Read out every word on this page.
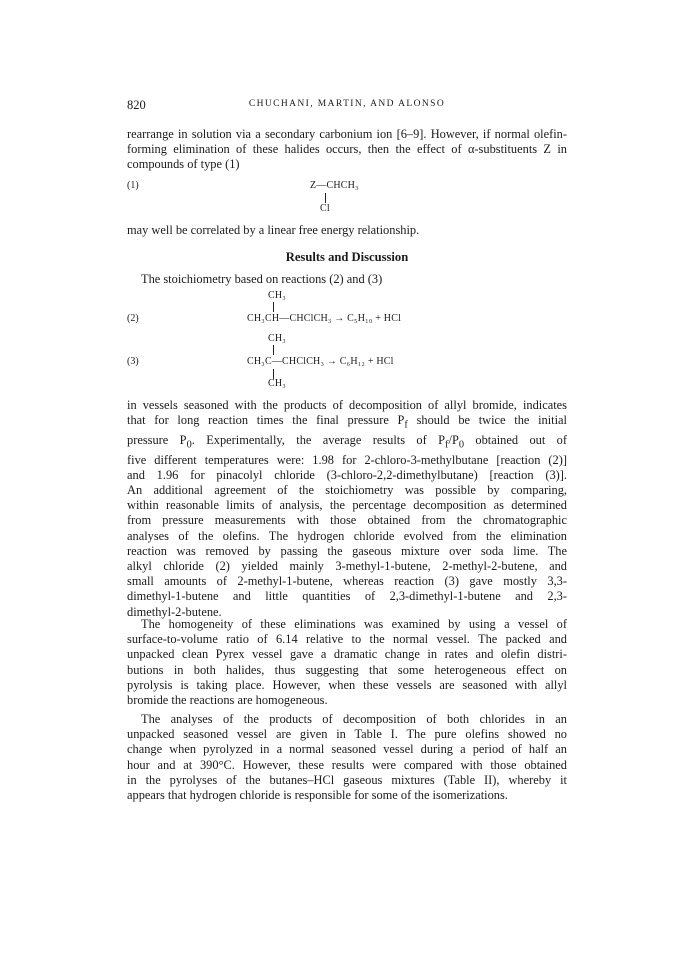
820	CHUCHANI, MARTIN, AND ALONSO

rearrange in solution via a secondary carbonium ion [6–9]. However, if normal olefin-forming elimination of these halides occurs, then the effect of α-substituents Z in compounds of type (1)

(1)	Z—CHCH₃
Cl

may well be correlated by a linear free energy relationship.

Results and Discussion

The stoichiometry based on reactions (2) and (3)

CH₃
(2)	CH₃CH—CHClCH₃ → C₅H₁₀ + HCl
CH₃
(3)	CH₃C—CHClCH₃ → C₆H₁₂ + HCl
CH₃
in vessels seasoned with the products of decomposition of allyl bromide, indicates
that for long reaction times the final pressure $P_f$ should be twice the initial
pressure $P_0$. Experimentally, the average results of $P_f/P_0$ obtained out of
five different temperatures were: 1.98 for 2-chloro-3-methylbutane [reaction (2)]
and 1.96 for pinacolyl chloride (3-chloro-2,2-dimethylbutane) [reaction (3)].
An additional agreement of the stoichiometry was possible by comparing,
within reasonable limits of analysis, the percentage decomposition as determined
from pressure measurements with those obtained from the chromatographic
analyses of the olefins. The hydrogen chloride evolved from the elimination
reaction was removed by passing the gaseous mixture over soda lime. The
alkyl chloride (2) yielded mainly 3-methyl-1-butene, 2-methyl-2-butene, and
small amounts of 2-methyl-1-butene, whereas reaction (3) gave mostly 3,3-
dimethyl-1-butene and little quantities of 2,3-dimethyl-1-butene and 2,3-
dimethyl-2-butene.
The homogeneity of these eliminations was examined by using a vessel of
surface-to-volume ratio of 6.14 relative to the normal vessel. The packed and
unpacked clean Pyrex vessel gave a dramatic change in rates and olefin distri-
butions in both halides, thus suggesting that some heterogeneous effect on
pyrolysis is taking place. However, when these vessels are seasoned with allyl
bromide the reactions are homogeneous.
The analyses of the products of decomposition of both chlorides in an
unpacked seasoned vessel are given in Table I. The pure olefins showed no
change when pyrolyzed in a normal seasoned vessel during a period of half an
hour and at 390°C. However, these results were compared with those obtained
in the pyrolyses of the butanes–HCl gaseous mixtures (Table II), whereby it
appears that hydrogen chloride is responsible for some of the isomerizations.
